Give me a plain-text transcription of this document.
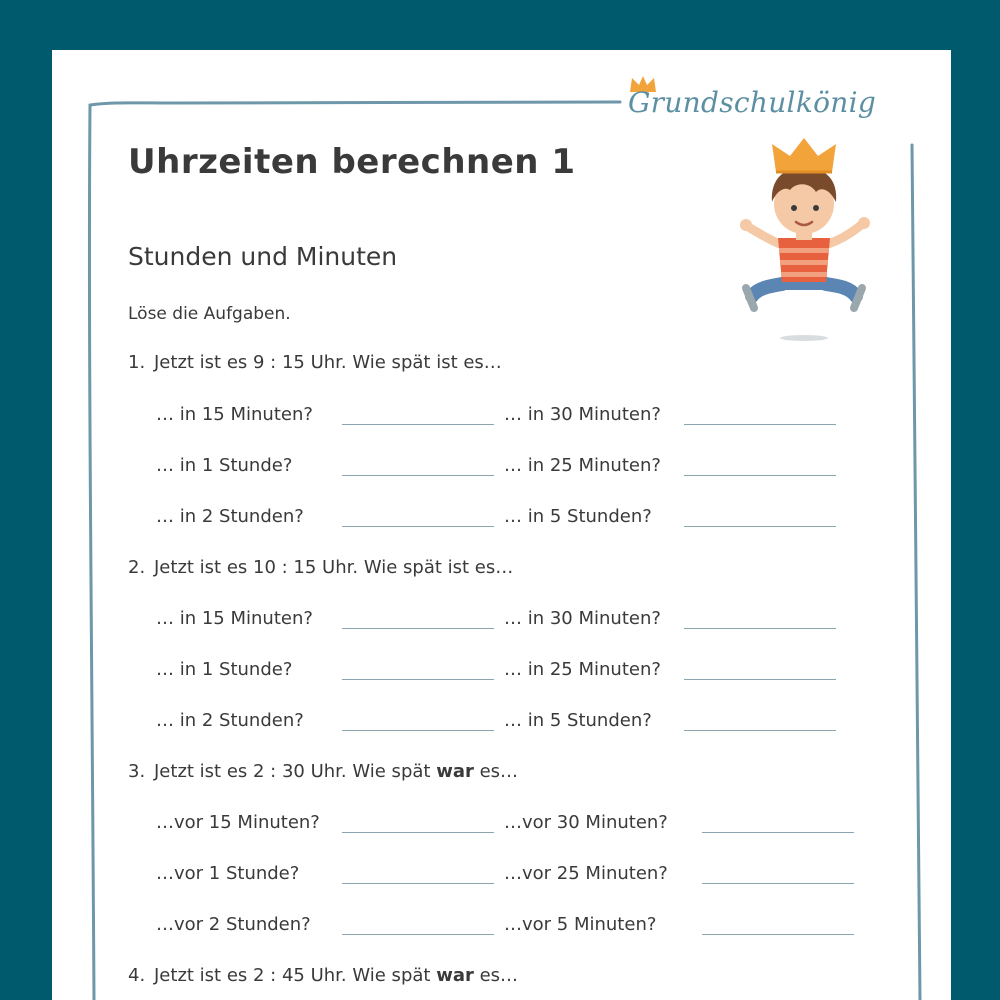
Grundschulkönig
Uhrzeiten berechnen 1
Stunden und Minuten
Löse die Aufgaben.
1. Jetzt ist es 9 : 15 Uhr. Wie spät ist es…
… in 15 Minuten?	… in 30 Minuten?
… in 1 Stunde?	… in 25 Minuten?
… in 2 Stunden?	… in 5 Stunden?
2. Jetzt ist es 10 : 15 Uhr. Wie spät ist es…
… in 15 Minuten?	… in 30 Minuten?
… in 1 Stunde?	… in 25 Minuten?
… in 2 Stunden?	… in 5 Stunden?
3. Jetzt ist es 2 : 30 Uhr. Wie spät war es…
…vor 15 Minuten?	…vor 30 Minuten?
…vor 1 Stunde?	…vor 25 Minuten?
…vor 2 Stunden?	…vor 5 Minuten?
4. Jetzt ist es 2 : 45 Uhr. Wie spät war es…
